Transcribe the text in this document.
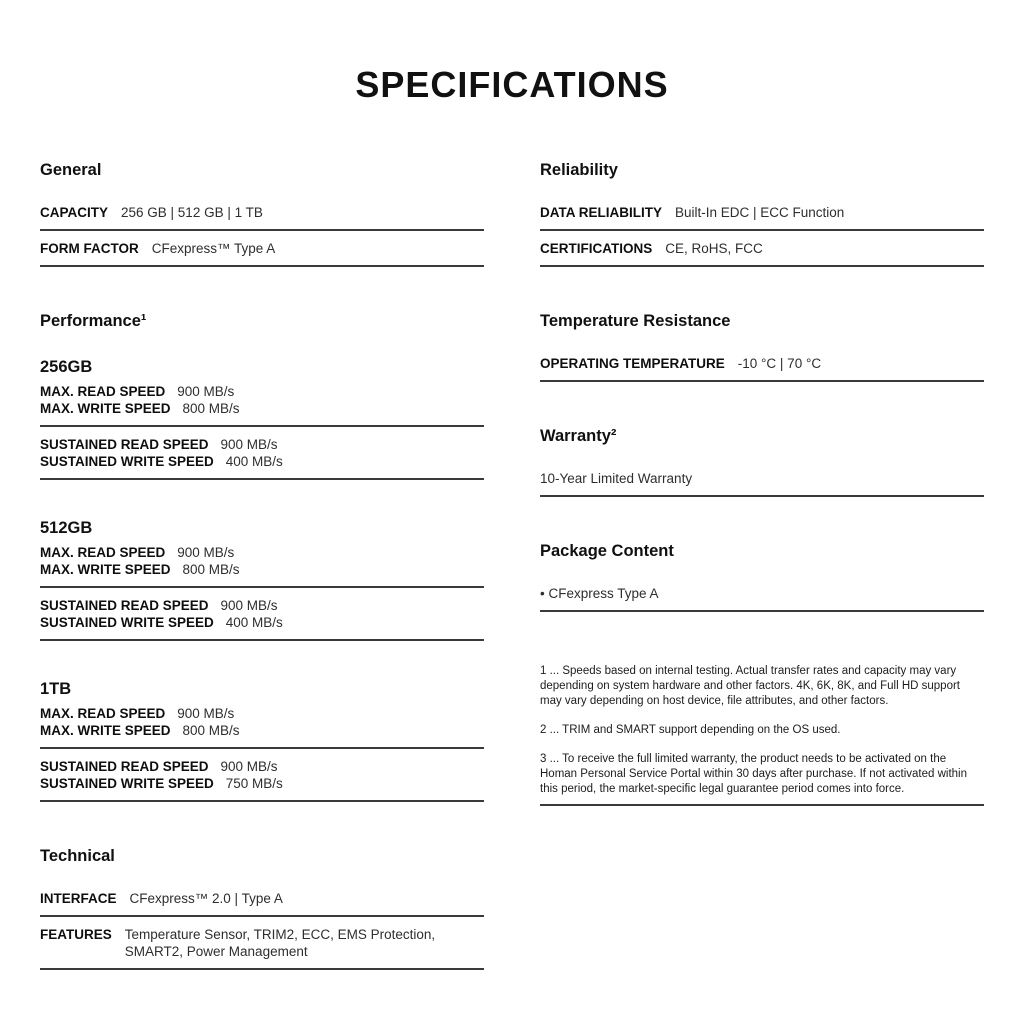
SPECIFICATIONS
General
CAPACITY 256 GB | 512 GB | 1 TB
FORM FACTOR CFexpress™ Type A
Performance¹
256GB
MAX. READ SPEED 900 MB/s
MAX. WRITE SPEED 800 MB/s
SUSTAINED READ SPEED 900 MB/s
SUSTAINED WRITE SPEED 400 MB/s
512GB
MAX. READ SPEED 900 MB/s
MAX. WRITE SPEED 800 MB/s
SUSTAINED READ SPEED 900 MB/s
SUSTAINED WRITE SPEED 400 MB/s
1TB
MAX. READ SPEED 900 MB/s
MAX. WRITE SPEED 800 MB/s
SUSTAINED READ SPEED 900 MB/s
SUSTAINED WRITE SPEED 750 MB/s
Technical
INTERFACE CFexpress™ 2.0 | Type A
FEATURES Temperature Sensor, TRIM2, ECC, EMS Protection, SMART2, Power Management
Reliability
DATA RELIABILITY Built-In EDC | ECC Function
CERTIFICATIONS CE, RoHS, FCC
Temperature Resistance
OPERATING TEMPERATURE -10 °C | 70 °C
Warranty²
10-Year Limited Warranty
Package Content
• CFexpress Type A

1 ... Speeds based on internal testing. Actual transfer rates and capacity may vary depending on system hardware and other factors. 4K, 6K, 8K, and Full HD support may vary depending on host device, file attributes, and other factors.

2 ... TRIM and SMART support depending on the OS used.

3 ... To receive the full limited warranty, the product needs to be activated on the Homan Personal Service Portal within 30 days after purchase. If not activated within this period, the market-specific legal guarantee period comes into force.
